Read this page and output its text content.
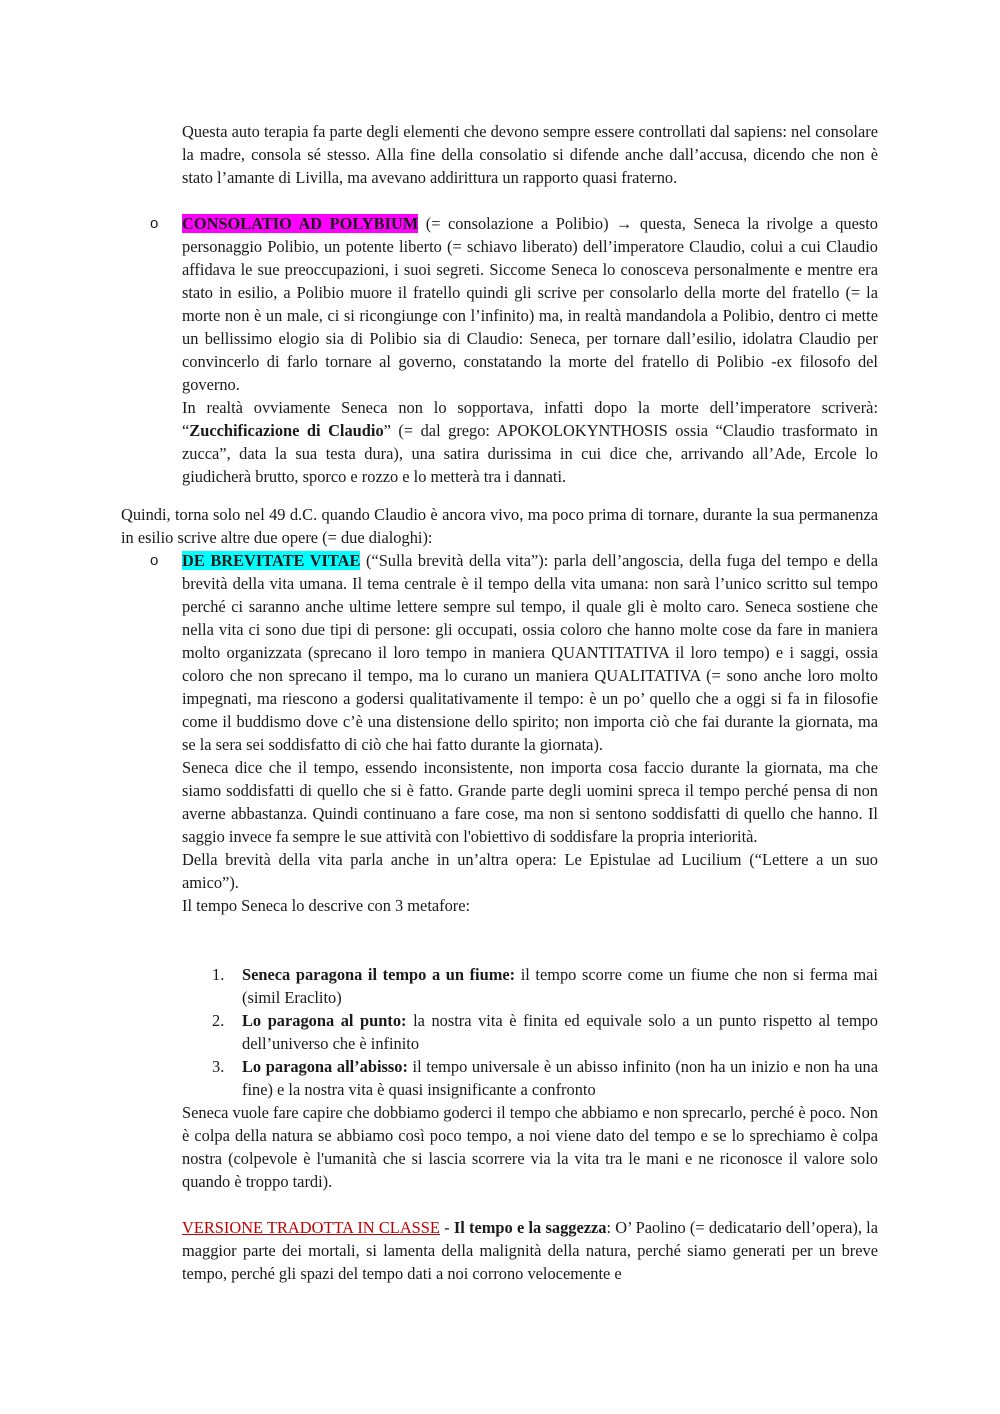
Questa auto terapia fa parte degli elementi che devono sempre essere controllati dal sapiens: nel consolare la madre, consola sé stesso. Alla fine della consolatio si difende anche dall’accusa, dicendo che non è stato l’amante di Livilla, ma avevano addirittura un rapporto quasi fraterno.

o	CONSOLATIO AD POLYBIUM (= consolazione a Polibio) → questa, Seneca la rivolge a questo personaggio Polibio, un potente liberto (= schiavo liberato) dell’imperatore Claudio, colui a cui Claudio affidava le sue preoccupazioni, i suoi segreti. Siccome Seneca lo conosceva personalmente e mentre era stato in esilio, a Polibio muore il fratello quindi gli scrive per consolarlo della morte del fratello (= la morte non è un male, ci si ricongiunge con l’infinito) ma, in realtà mandandola a Polibio, dentro ci mette un bellissimo elogio sia di Polibio sia di Claudio: Seneca, per tornare dall’esilio, idolatra Claudio per convincerlo di farlo tornare al governo, constatando la morte del fratello di Polibio -ex filosofo del governo.

In realtà ovviamente Seneca non lo sopportava, infatti dopo la morte dell’imperatore scriverà: “Zucchificazione di Claudio” (= dal grego: APOKOLOKYNTHOSIS ossia “Claudio trasformato in zucca”, data la sua testa dura), una satira durissima in cui dice che, arrivando all’Ade, Ercole lo giudicherà brutto, sporco e rozzo e lo metterà tra i dannati.

Quindi, torna solo nel 49 d.C. quando Claudio è ancora vivo, ma poco prima di tornare, durante la sua permanenza in esilio scrive altre due opere (= due dialoghi):

o	DE BREVITATE VITAE (“Sulla brevità della vita”): parla dell’angoscia, della fuga del tempo e della brevità della vita umana. Il tema centrale è il tempo della vita umana: non sarà l’unico scritto sul tempo perché ci saranno anche ultime lettere sempre sul tempo, il quale gli è molto caro. Seneca sostiene che nella vita ci sono due tipi di persone: gli occupati, ossia coloro che hanno molte cose da fare in maniera molto organizzata (sprecano il loro tempo in maniera QUANTITATIVA il loro tempo) e i saggi, ossia coloro che non sprecano il tempo, ma lo curano un maniera QUALITATIVA (= sono anche loro molto impegnati, ma riescono a godersi qualitativamente il tempo: è un po’ quello che a oggi si fa in filosofie come il buddismo dove c’è una distensione dello spirito; non importa ciò che fai durante la giornata, ma se la sera sei soddisfatto di ciò che hai fatto durante la giornata).

Seneca dice che il tempo, essendo inconsistente, non importa cosa faccio durante la giornata, ma che siamo soddisfatti di quello che si è fatto. Grande parte degli uomini spreca il tempo perché pensa di non averne abbastanza. Quindi continuano a fare cose, ma non si sentono soddisfatti di quello che hanno. Il saggio invece fa sempre le sue attività con l'obiettivo di soddisfare la propria interiorità.

Della brevità della vita parla anche in un’altra opera: Le Epistulae ad Lucilium (“Lettere a un suo amico”).

Il tempo Seneca lo descrive con 3 metafore:

1. Seneca paragona il tempo a un fiume: il tempo scorre come un fiume che non si ferma mai (simil Eraclito)
2. Lo paragona al punto: la nostra vita è finita ed equivale solo a un punto rispetto al tempo dell’universo che è infinito
3. Lo paragona all’abisso: il tempo universale è un abisso infinito (non ha un inizio e non ha una fine) e la nostra vita è quasi insignificante a confronto

Seneca vuole fare capire che dobbiamo goderci il tempo che abbiamo e non sprecarlo, perché è poco. Non è colpa della natura se abbiamo così poco tempo, a noi viene dato del tempo e se lo sprechiamo è colpa nostra (colpevole è l'umanità che si lascia scorrere via la vita tra le mani e ne riconosce il valore solo quando è troppo tardi).

VERSIONE TRADOTTA IN CLASSE - Il tempo e la saggezza: O’ Paolino (= dedicatario dell’opera), la maggior parte dei mortali, si lamenta della malignità della natura, perché siamo generati per un breve tempo, perché gli spazi del tempo dati a noi corrono velocemente e
